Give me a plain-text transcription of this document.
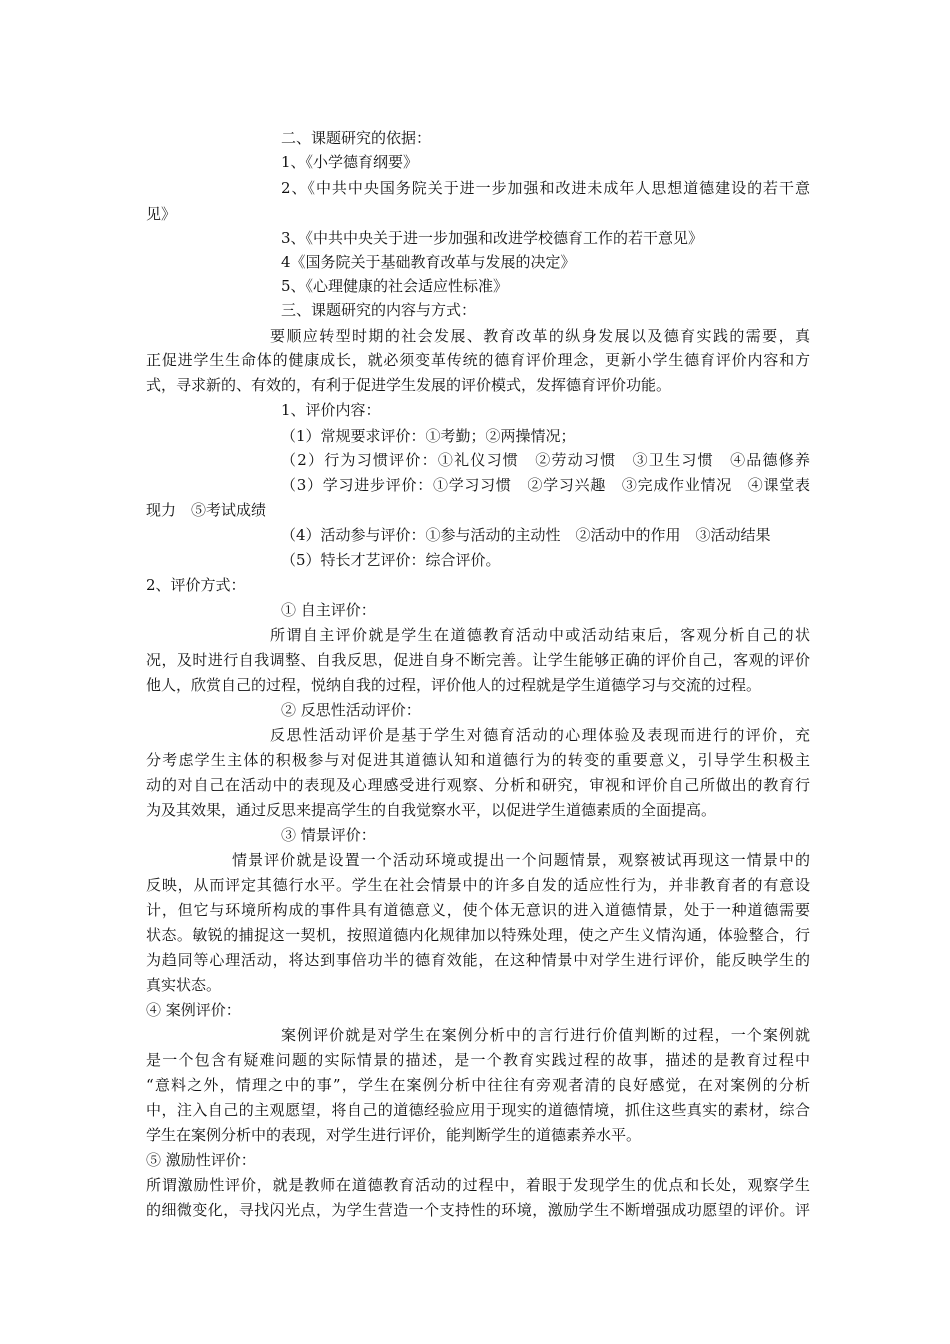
二、课题研究的依据：
1、《小学德育纲要》
2、《中共中央国务院关于进一步加强和改进未成年人思想道德建设的若干意
见》
3、《中共中央关于进一步加强和改进学校德育工作的若干意见》
4《国务院关于基础教育改革与发展的决定》
5、《心理健康的社会适应性标准》
三、课题研究的内容与方式：
要顺应转型时期的社会发展、教育改革的纵身发展以及德育实践的需要，真
正促进学生生命体的健康成长，就必须变革传统的德育评价理念，更新小学生德育评价内容和方
式，寻求新的、有效的，有利于促进学生发展的评价模式，发挥德育评价功能。
1、评价内容：
（1）常规要求评价：①考勤；②两操情况；
（2）行为习惯评价：①礼仪习惯　②劳动习惯　③卫生习惯　④品德修养
（3）学习进步评价：①学习习惯　②学习兴趣　③完成作业情况　④课堂表
现力　⑤考试成绩
（4）活动参与评价：①参与活动的主动性　②活动中的作用　③活动结果
（5）特长才艺评价：综合评价。
2、评价方式：
① 自主评价：
所谓自主评价就是学生在道德教育活动中或活动结束后，客观分析自己的状
况，及时进行自我调整、自我反思，促进自身不断完善。让学生能够正确的评价自己，客观的评价
他人，欣赏自己的过程，悦纳自我的过程，评价他人的过程就是学生道德学习与交流的过程。
② 反思性活动评价：
反思性活动评价是基于学生对德育活动的心理体验及表现而进行的评价，充
分考虑学生主体的积极参与对促进其道德认知和道德行为的转变的重要意义，引导学生积极主
动的对自己在活动中的表现及心理感受进行观察、分析和研究，审视和评价自己所做出的教育行
为及其效果，通过反思来提高学生的自我觉察水平，以促进学生道德素质的全面提高。
③ 情景评价：
情景评价就是设置一个活动环境或提出一个问题情景，观察被试再现这一情景中的
反映，从而评定其德行水平。学生在社会情景中的许多自发的适应性行为，并非教育者的有意设
计，但它与环境所构成的事件具有道德意义，使个体无意识的进入道德情景，处于一种道德需要
状态。敏锐的捕捉这一契机，按照道德内化规律加以特殊处理，使之产生义情沟通，体验整合，行
为趋同等心理活动，将达到事倍功半的德育效能，在这种情景中对学生进行评价，能反映学生的
真实状态。
④ 案例评价：
案例评价就是对学生在案例分析中的言行进行价值判断的过程，一个案例就
是一个包含有疑难问题的实际情景的描述，是一个教育实践过程的故事，描述的是教育过程中
“意料之外，情理之中的事”，学生在案例分析中往往有旁观者清的良好感觉，在对案例的分析
中，注入自己的主观愿望，将自己的道德经验应用于现实的道德情境，抓住这些真实的素材，综合
学生在案例分析中的表现，对学生进行评价，能判断学生的道德素养水平。
⑤ 激励性评价：
所谓激励性评价，就是教师在道德教育活动的过程中，着眼于发现学生的优点和长处，观察学生
的细微变化，寻找闪光点，为学生营造一个支持性的环境，激励学生不断增强成功愿望的评价。评
